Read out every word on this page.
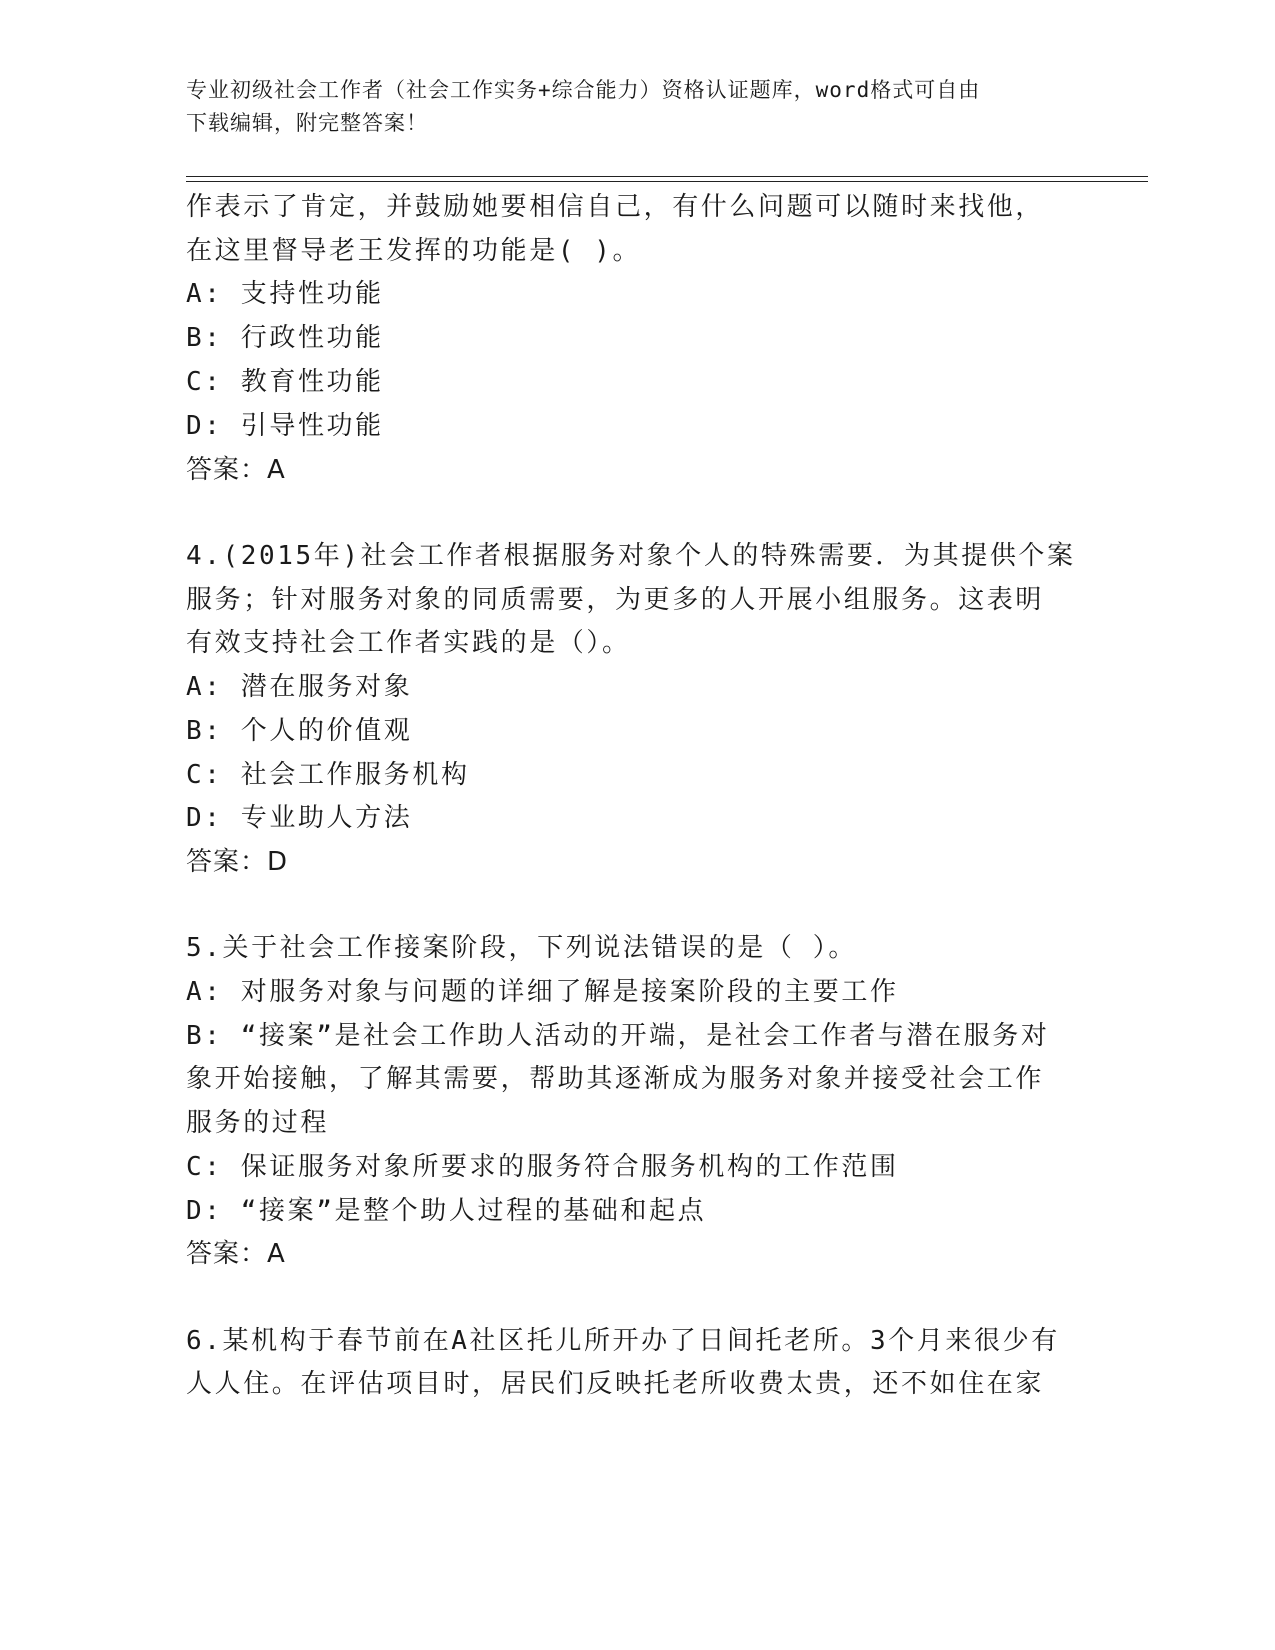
专业初级社会工作者（社会工作实务+综合能力）资格认证题库，word格式可自由
下载编辑，附完整答案！
作表示了肯定，并鼓励她要相信自己，有什么问题可以随时来找他，
在这里督导老王发挥的功能是( )。
A: 支持性功能
B: 行政性功能
C: 教育性功能
D: 引导性功能
答案：A
4.(2015年)社会工作者根据服务对象个人的特殊需要．为其提供个案
服务；针对服务对象的同质需要，为更多的人开展小组服务。这表明
有效支持社会工作者实践的是（）。
A: 潜在服务对象
B: 个人的价值观
C: 社会工作服务机构
D: 专业助人方法
答案：D
5.关于社会工作接案阶段，下列说法错误的是（ ）。
A: 对服务对象与问题的详细了解是接案阶段的主要工作
B: “接案”是社会工作助人活动的开端，是社会工作者与潜在服务对
象开始接触，了解其需要，帮助其逐渐成为服务对象并接受社会工作
服务的过程
C: 保证服务对象所要求的服务符合服务机构的工作范围
D: “接案”是整个助人过程的基础和起点
答案：A
6.某机构于春节前在A社区托儿所开办了日间托老所。3个月来很少有
人人住。在评估项目时，居民们反映托老所收费太贵，还不如住在家
